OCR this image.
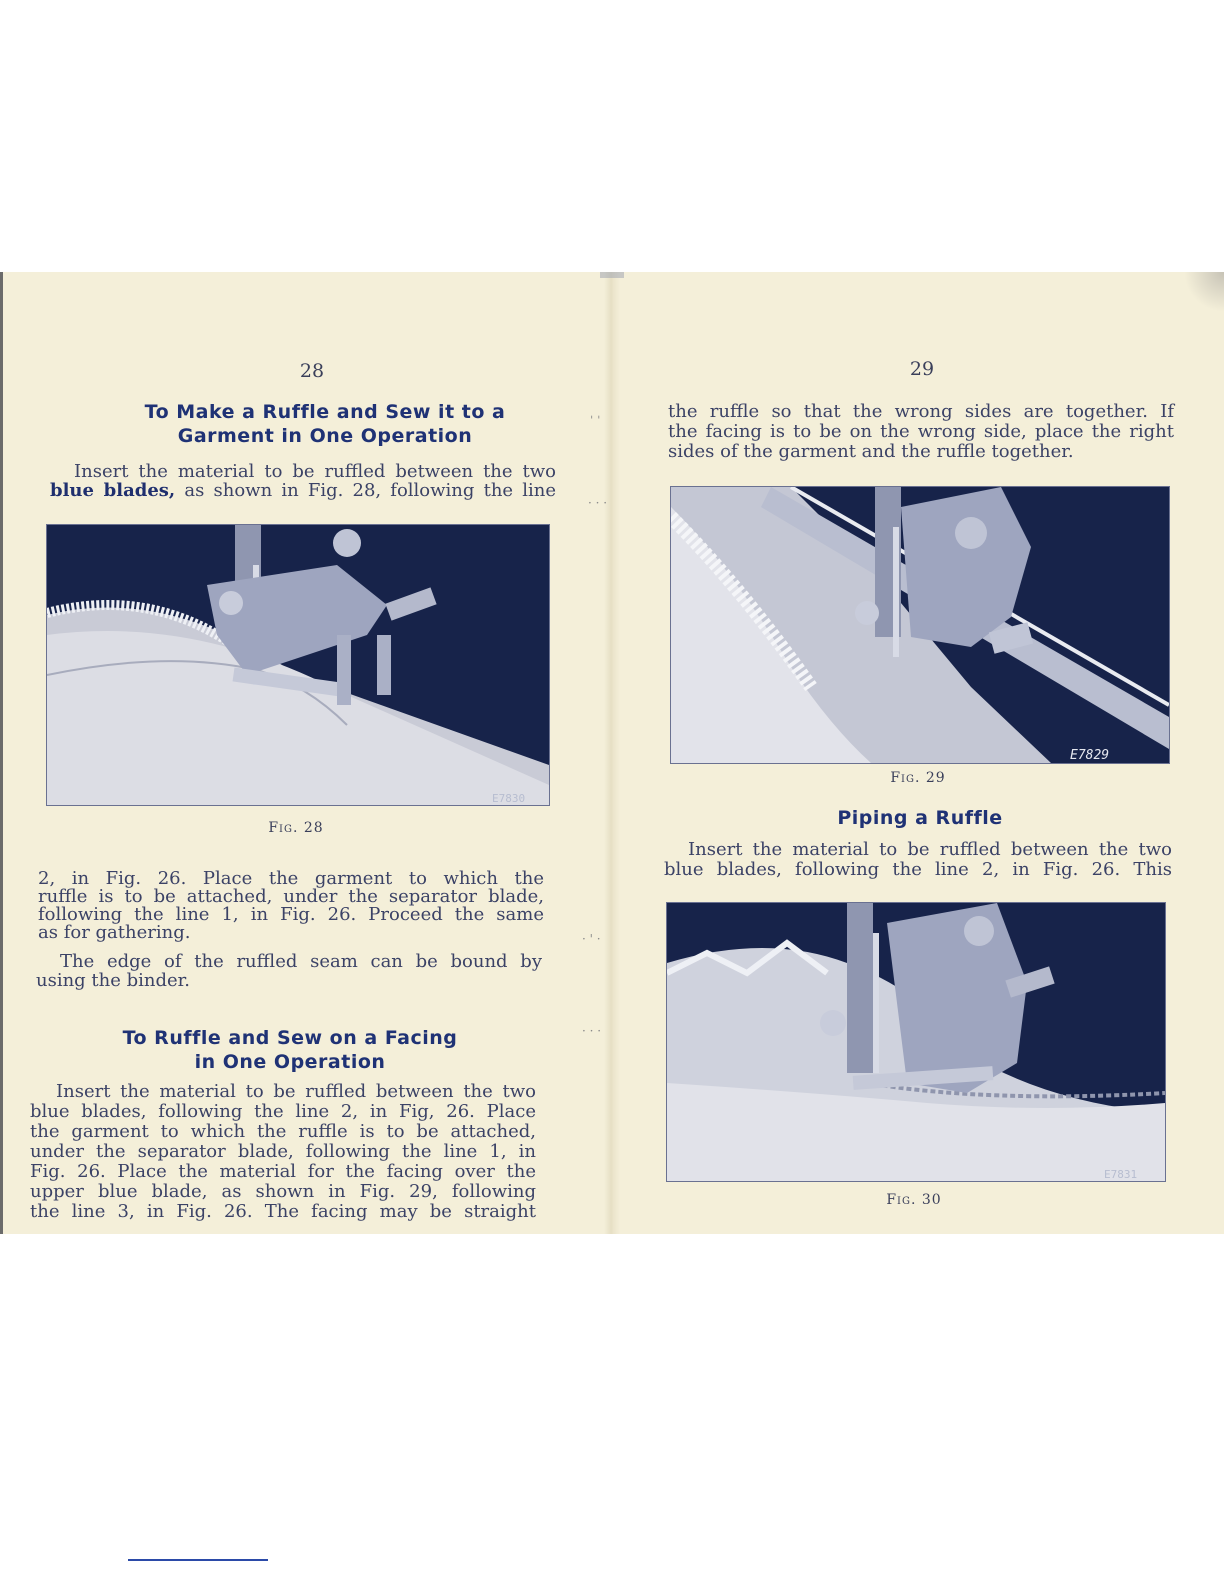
28
To Make a Ruffle and Sew it to a
Garment in One Operation
Insert the material to be ruffled between the two
blue blades, as shown in Fig. 28, following the line
E7830
Fig. 28
2, in Fig. 26. Place the garment to which the
ruffle is to be attached, under the separator blade,
following the line 1, in Fig. 26. Proceed the same
as for gathering.
The edge of the ruffled seam can be bound by
using the binder.
To Ruffle and Sew on a Facing
in One Operation
Insert the material to be ruffled between the two
blue blades, following the line 2, in Fig, 26. Place
the garment to which the ruffle is to be attached,
under the separator blade, following the line 1, in
Fig. 26. Place the material for the facing over the
upper blue blade, as shown in Fig. 29, following
the line 3, in Fig. 26. The facing may be straight
ˌ ˌ
· · ·
· ' ·
· · ·
29
the ruffle so that the wrong sides are together. If
the facing is to be on the wrong side, place the right
sides of the garment and the ruffle together.
E7829
Fig. 29
Piping a Ruffle
Insert the material to be ruffled between the two
blue blades, following the line 2, in Fig. 26. This
E7831
Fig. 30
